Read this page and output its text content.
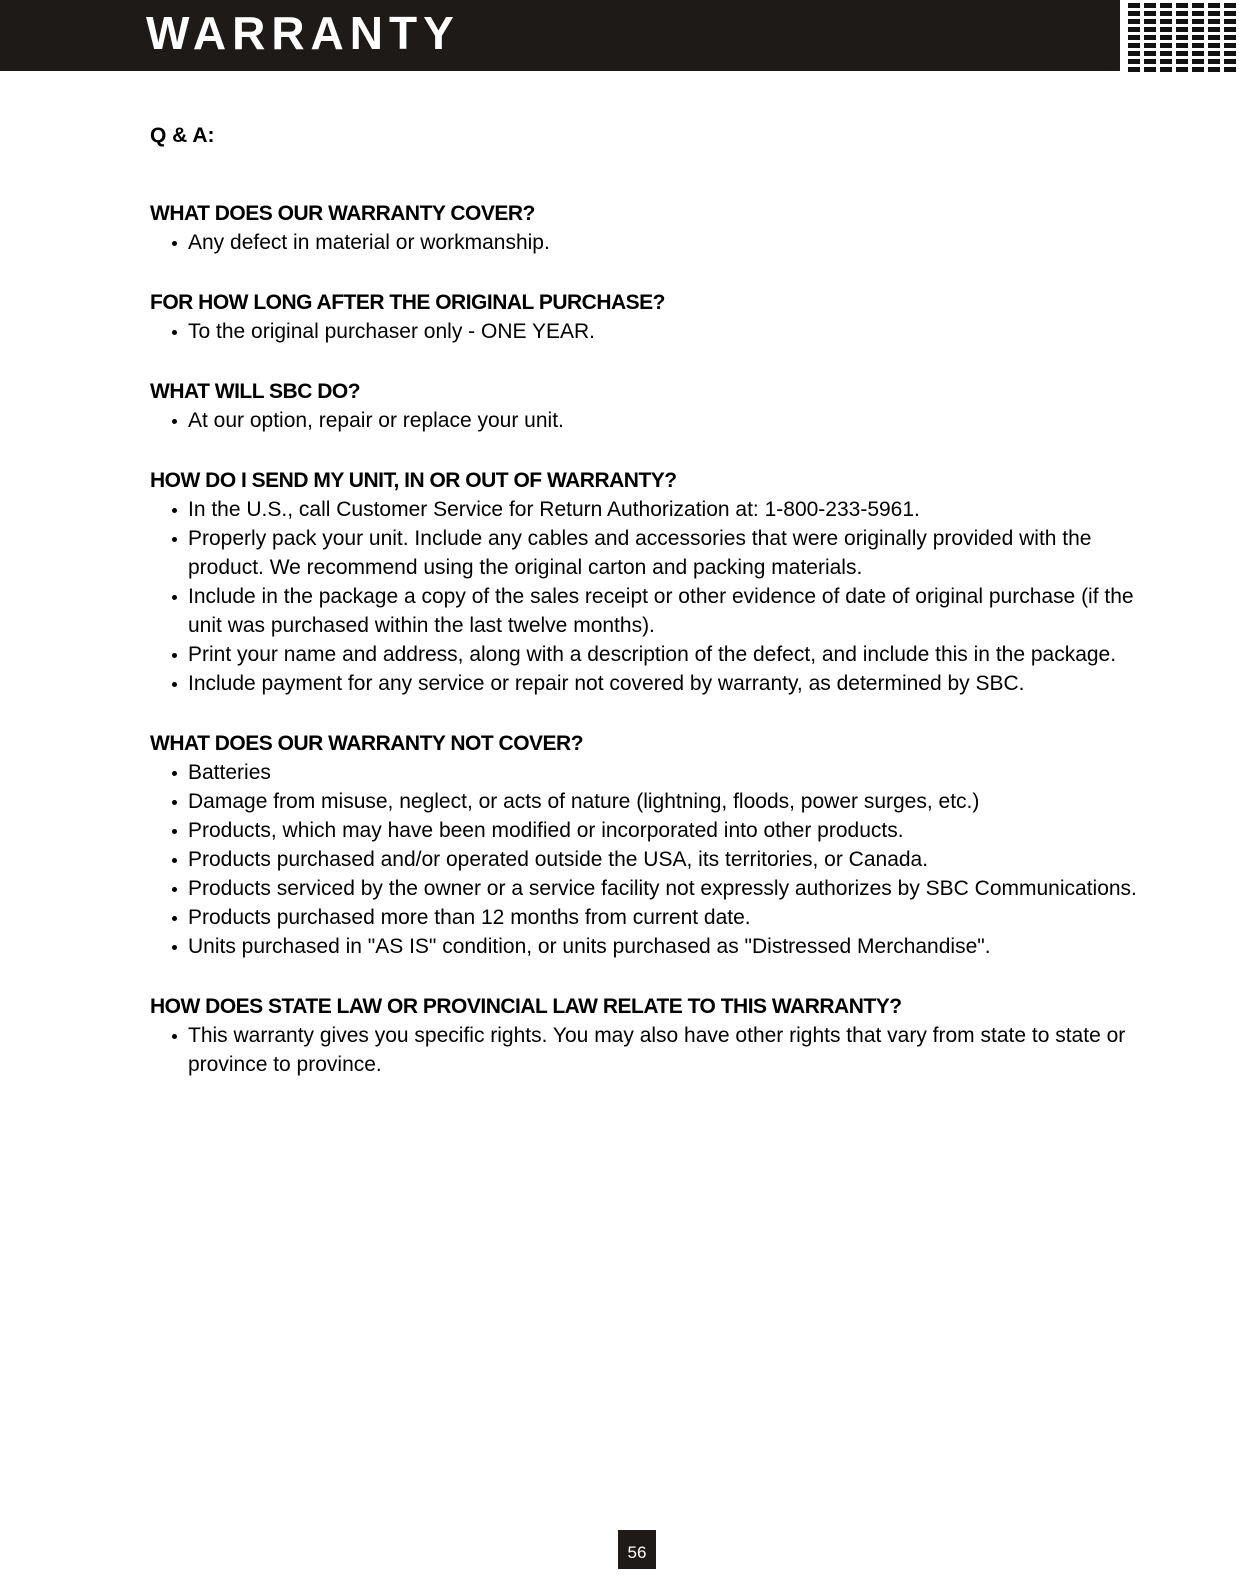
WARRANTY
Q & A:
WHAT DOES OUR WARRANTY COVER?
Any defect in material or workmanship.
FOR HOW LONG AFTER THE ORIGINAL PURCHASE?
To the original purchaser only - ONE YEAR.
WHAT WILL SBC DO?
At our option, repair or replace your unit.
HOW DO I SEND MY UNIT, IN OR OUT OF WARRANTY?
In the U.S., call Customer Service for Return Authorization at: 1-800-233-5961.
Properly pack your unit. Include any cables and accessories that were originally provided with the product. We recommend using the original carton and packing materials.
Include in the package a copy of the sales receipt or other evidence of date of original purchase (if the unit was purchased within the last twelve months).
Print your name and address, along with a description of the defect, and include this in the package.
Include payment for any service or repair not covered by warranty, as determined by SBC.
WHAT DOES OUR WARRANTY NOT COVER?
Batteries
Damage from misuse, neglect, or acts of nature (lightning, floods, power surges, etc.)
Products, which may have been modified or incorporated into other products.
Products purchased and/or operated outside the USA, its territories, or Canada.
Products serviced by the owner or a service facility not expressly authorizes by SBC Communications.
Products purchased more than 12 months from current date.
Units purchased in "AS IS" condition, or units purchased as "Distressed Merchandise".
HOW DOES STATE LAW OR PROVINCIAL LAW RELATE TO THIS WARRANTY?
This warranty gives you specific rights. You may also have other rights that vary from state to state or province to province.
56
